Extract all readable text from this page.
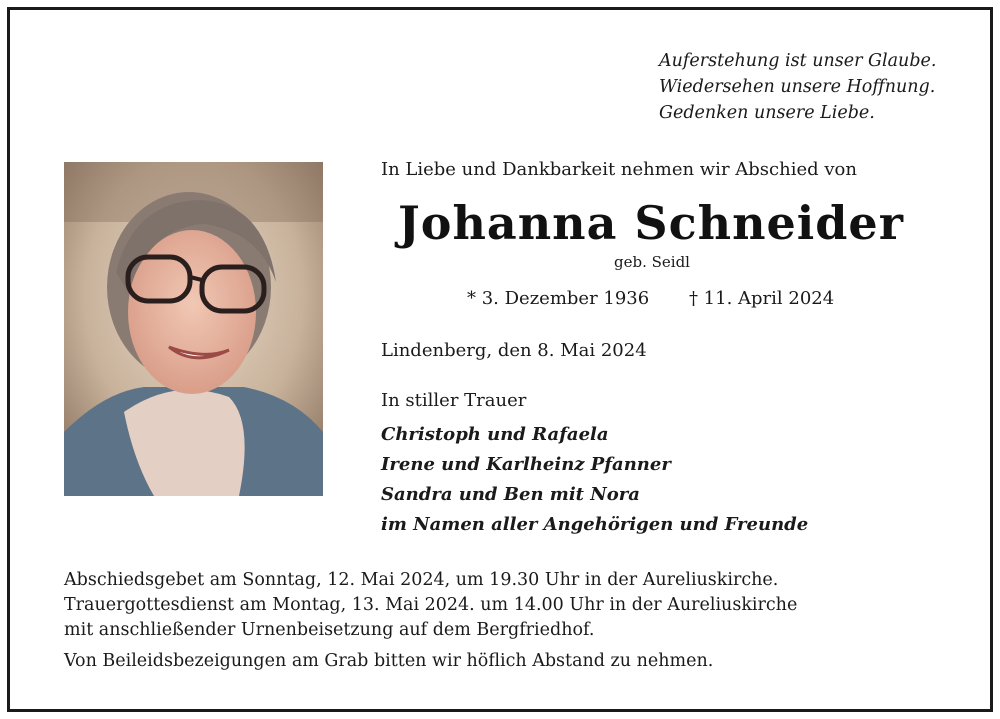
Auferstehung ist unser Glaube.
Wiedersehen unsere Hoffnung.
Gedenken unsere Liebe.
In Liebe und Dankbarkeit nehmen wir Abschied von
Johanna Schneider
geb. Seidl
* 3. Dezember 1936 † 11. April 2024
Lindenberg, den 8. Mai 2024
In stiller Trauer
Christoph und Rafaela
Irene und Karlheinz Pfanner
Sandra und Ben mit Nora
im Namen aller Angehörigen und Freunde
Abschiedsgebet am Sonntag, 12. Mai 2024, um 19.30 Uhr in der Aureliuskirche.
Trauergottesdienst am Montag, 13. Mai 2024. um 14.00 Uhr in der Aureliuskirche
mit anschließender Urnenbeisetzung auf dem Bergfriedhof.
Von Beileidsbezeigungen am Grab bitten wir höflich Abstand zu nehmen.
